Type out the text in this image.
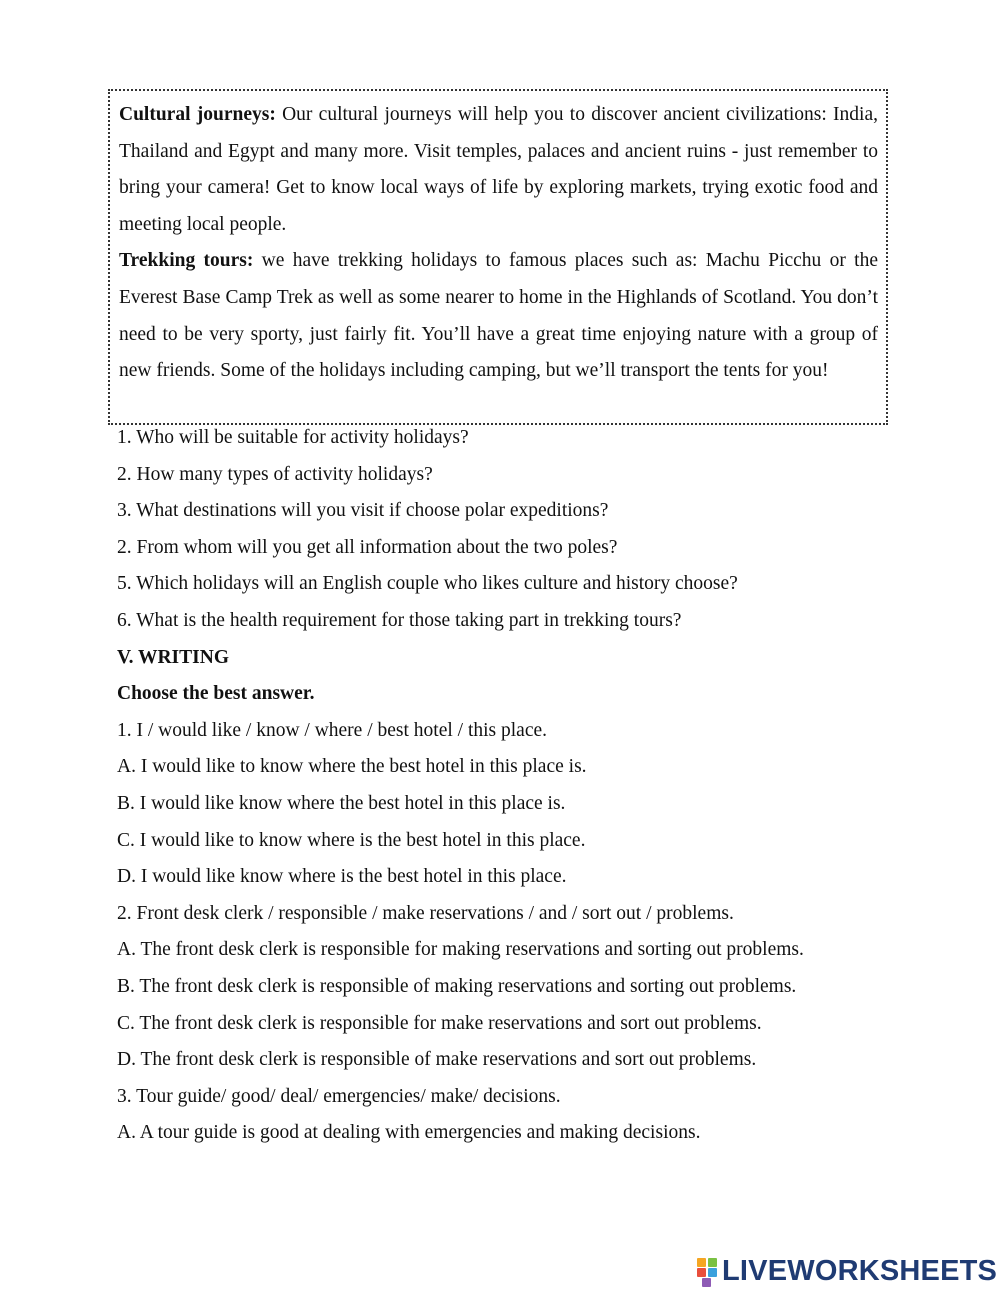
Cultural journeys: Our cultural journeys will help you to discover ancient civilizations: India, Thailand and Egypt and many more. Visit temples, palaces and ancient ruins - just remember to bring your camera! Get to know local ways of life by exploring markets, trying exotic food and meeting local people.

Trekking tours: we have trekking holidays to famous places such as: Machu Picchu or the Everest Base Camp Trek as well as some nearer to home in the Highlands of Scotland. You don’t need to be very sporty, just fairly fit. You’ll have a great time enjoying nature with a group of new friends. Some of the holidays including camping, but we’ll transport the tents for you!

1. Who will be suitable for activity holidays?
2. How many types of activity holidays?
3. What destinations will you visit if choose polar expeditions?
2. From whom will you get all information about the two poles?
5. Which holidays will an English couple who likes culture and history choose?
6. What is the health requirement for those taking part in trekking tours?
V. WRITING
Choose the best answer.
1. I / would like / know / where / best hotel / this place.
A. I would like to know where the best hotel in this place is.
B. I would like know where the best hotel in this place is.
C. I would like to know where is the best hotel in this place.
D. I would like know where is the best hotel in this place.
2. Front desk clerk / responsible / make reservations / and / sort out / problems.
A. The front desk clerk is responsible for making reservations and sorting out problems.
B. The front desk clerk is responsible of making reservations and sorting out problems.
C. The front desk clerk is responsible for make reservations and sort out problems.
D. The front desk clerk is responsible of make reservations and sort out problems.
3. Tour guide/ good/ deal/ emergencies/ make/ decisions.
A. A tour guide is good at dealing with emergencies and making decisions.
LIVEWORKSHEETS
